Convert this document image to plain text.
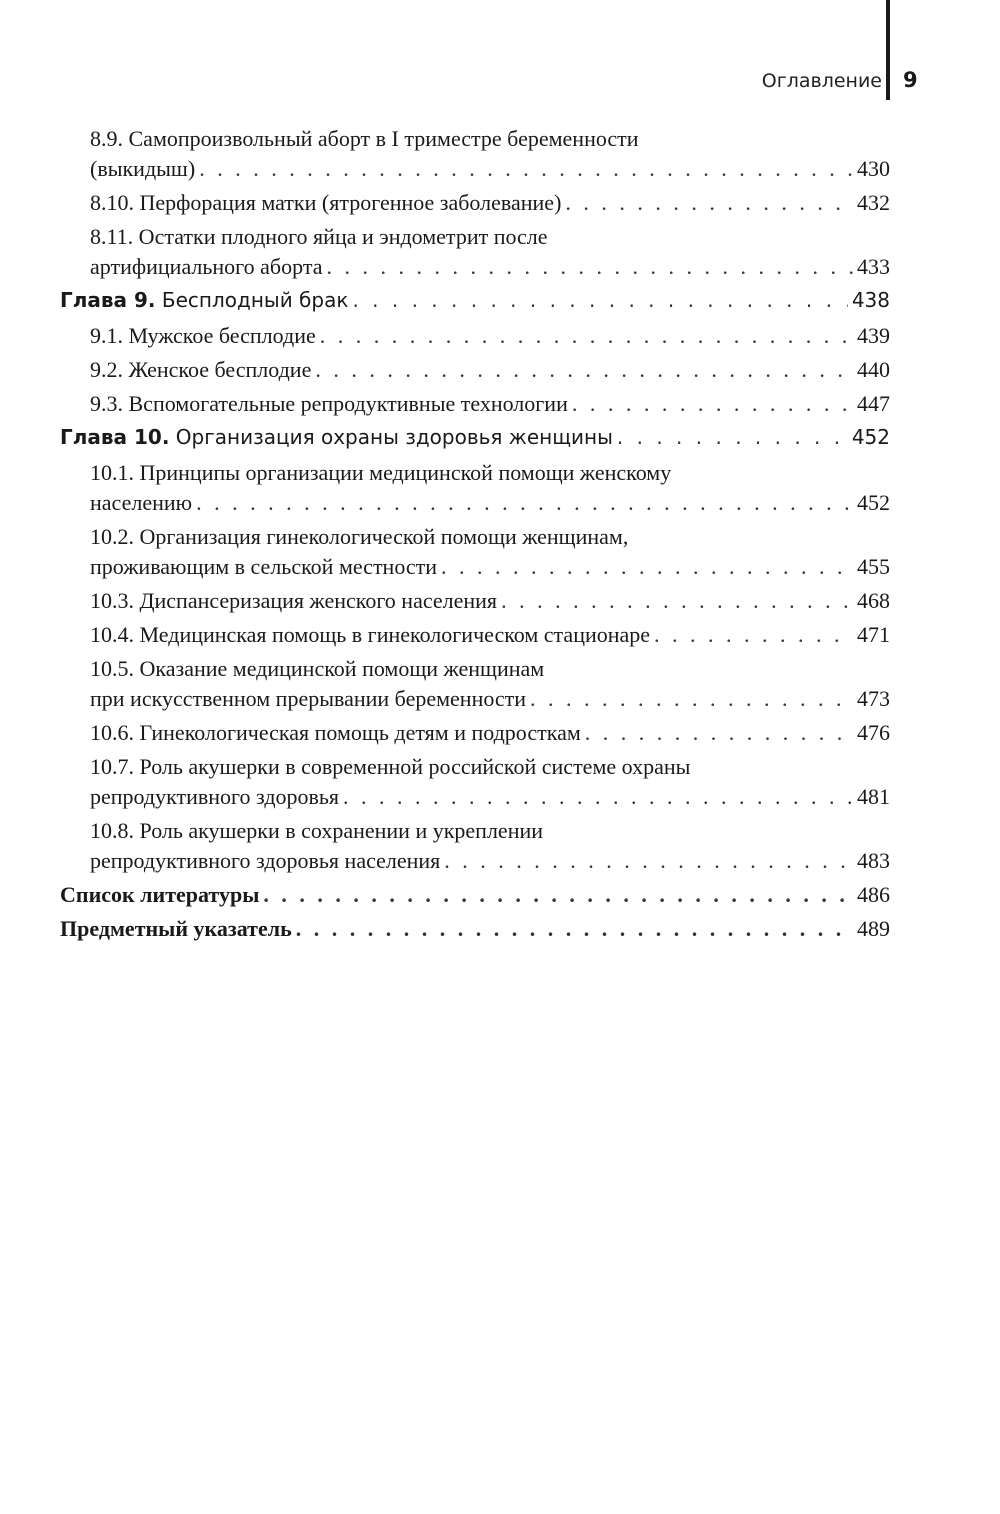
Оглавление 9
8.9. Самопроизвольный аборт в I триместре беременности
(выкидыш) . . .	430
8.10. Перфорация матки (ятрогенное заболевание) . . .	432
8.11. Остатки плодного яйца и эндометрит после
артифициального аборта . . .	433
Глава 9. Бесплодный брак . . .	438
9.1. Мужское бесплодие . . .	439
9.2. Женское бесплодие . . .	440
9.3. Вспомогательные репродуктивные технологии . . .	447
Глава 10. Организация охраны здоровья женщины . . .	452
10.1. Принципы организации медицинской помощи женскому
населению . . .	452
10.2. Организация гинекологической помощи женщинам,
проживающим в сельской местности . . .	455
10.3. Диспансеризация женского населения . . .	468
10.4. Медицинская помощь в гинекологическом стационаре . . .	471
10.5. Оказание медицинской помощи женщинам
при искусственном прерывании беременности . . .	473
10.6. Гинекологическая помощь детям и подросткам . . .	476
10.7. Роль акушерки в современной российской системе охраны
репродуктивного здоровья . . .	481
10.8. Роль акушерки в сохранении и укреплении
репродуктивного здоровья населения . . .	483
Список литературы . . .	486
Предметный указатель . . .	489
